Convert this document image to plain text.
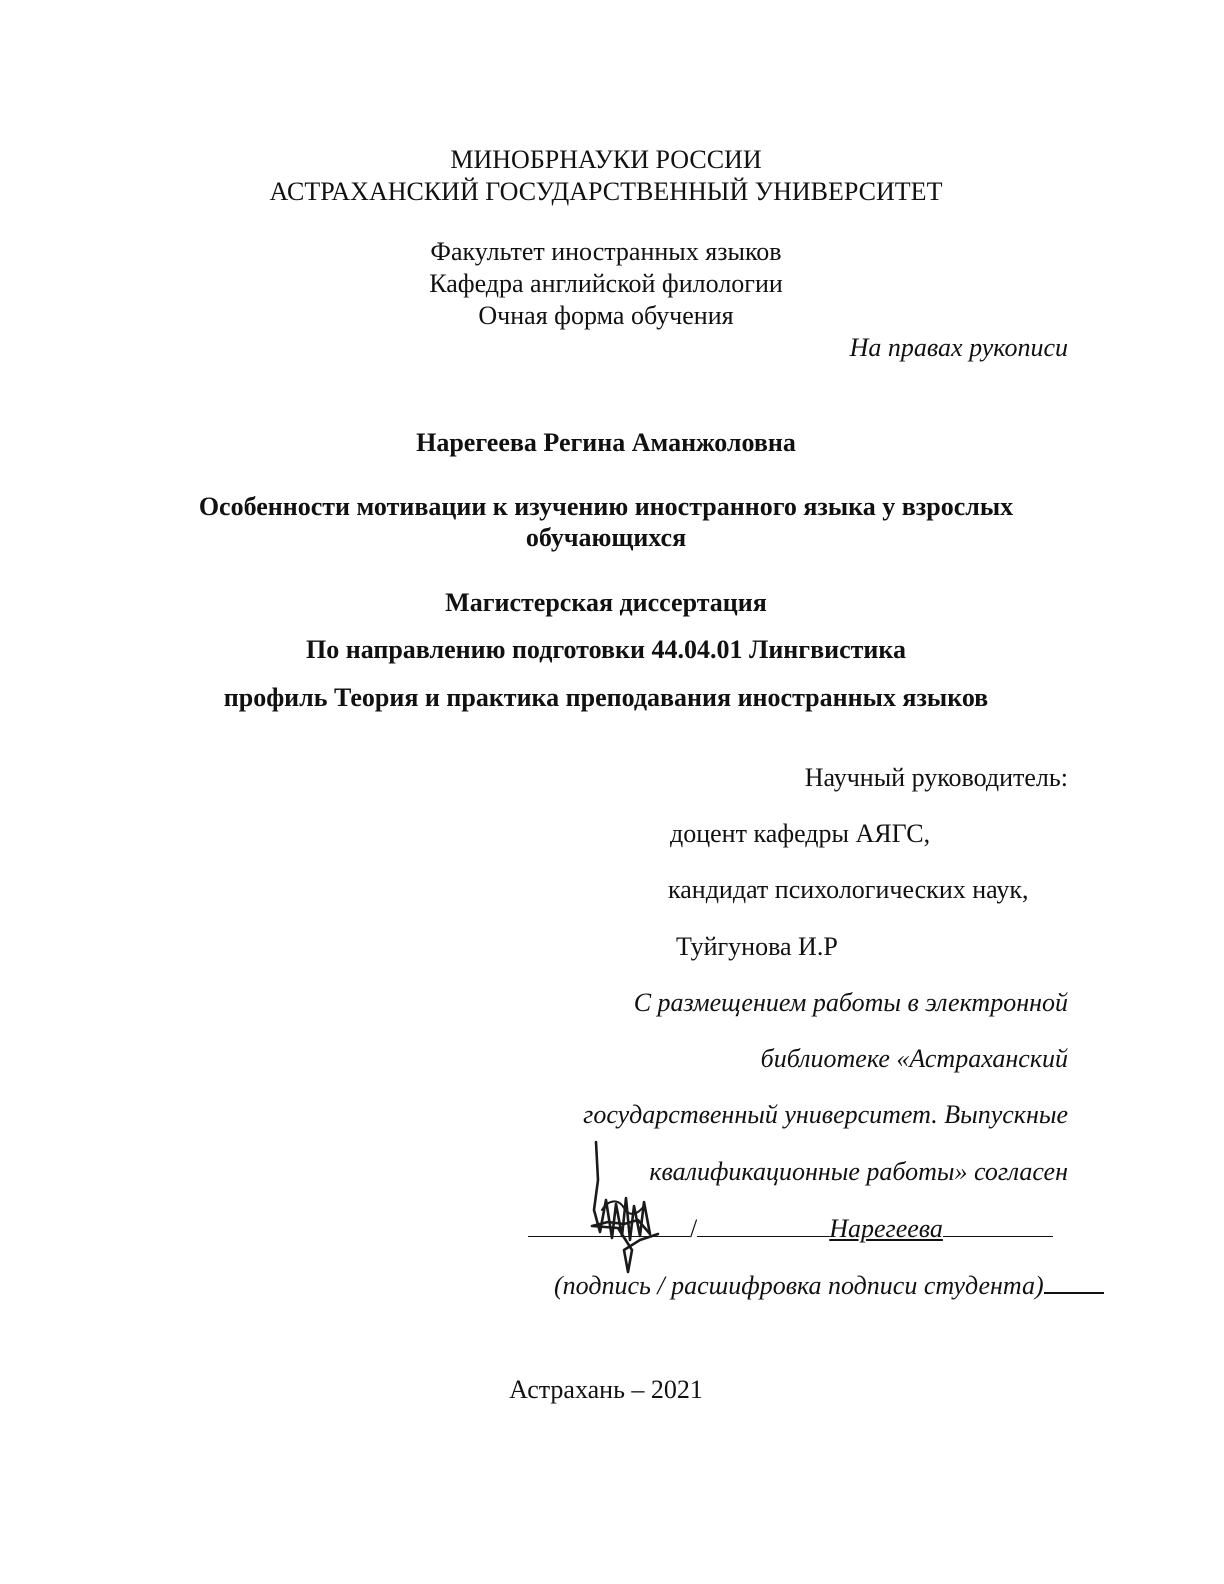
МИНОБРНАУКИ РОССИИ
АСТРАХАНСКИЙ ГОСУДАРСТВЕННЫЙ УНИВЕРСИТЕТ
Факультет иностранных языков
Кафедра английской филологии
Очная форма обучения
На правах рукописи
Нарегеева Регина Аманжоловна
Особенности мотивации к изучению иностранного языка у взрослых
обучающихся
Магистерская диссертация
По направлению подготовки 44.04.01 Лингвистика
профиль Теория и практика преподавания иностранных языков
Научный руководитель:
доцент кафедры АЯГС,
кандидат психологических наук,
Туйгунова И.Р
С размещением работы в электронной
библиотеке «Астраханский
государственный университет. Выпускные
квалификационные работы» согласен
/	Нарегеева
(подпись / расшифровка подписи студента)
Астрахань – 2021
